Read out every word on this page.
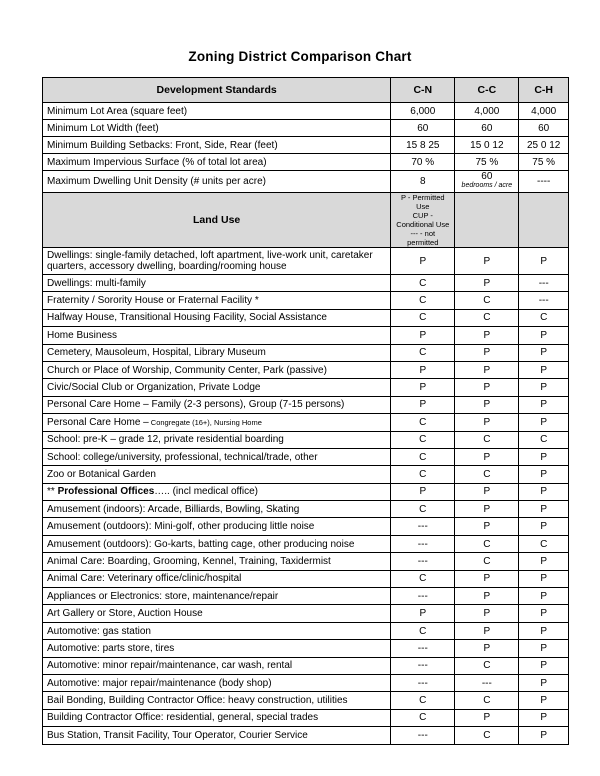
Zoning District Comparison Chart
Development Standards	C-N	C-C	C-H
Minimum Lot Area (square feet)	6,000	4,000	4,000
Minimum Lot Width (feet)	60	60	60
Minimum Building Setbacks: Front, Side, Rear (feet)	15 8 25	15 0 12	25 0 12
Maximum Impervious Surface (% of total lot area)	70 %	75 %	75 %
Maximum Dwelling Unit Density (# units per acre)	8	60 bedrooms / acre	----
Land Use	P - Permitted Use
CUP - Conditional Use
--- - not permitted		

Dwellings: single-family detached, loft apartment, live-work unit, caretaker quarters, accessory dwelling, boarding/rooming house	P	P	P
Dwellings: multi-family	C	P	---
Fraternity / Sorority House or Fraternal Facility *	C	C	---
Halfway House, Transitional Housing Facility, Social Assistance	C	C	C
Home Business	P	P	P
Cemetery, Mausoleum, Hospital, Library Museum	C	P	P
Church or Place of Worship, Community Center, Park (passive)	P	P	P
Civic/Social Club or Organization, Private Lodge	P	P	P
Personal Care Home – Family (2-3 persons), Group (7-15 persons)	P	P	P
Personal Care Home – Congregate (16+), Nursing Home	C	P	P
School: pre-K – grade 12, private residential boarding	C	C	C
School: college/university, professional, technical/trade, other	C	P	P
Zoo or Botanical Garden	C	C	P
** Professional Offices….. (incl medical office)	P	P	P
Amusement (indoors): Arcade, Billiards, Bowling, Skating	C	P	P
Amusement (outdoors): Mini-golf, other producing little noise	---	P	P
Amusement (outdoors): Go-karts, batting cage, other producing noise	---	C	C
Animal Care: Boarding, Grooming, Kennel, Training, Taxidermist	---	C	P
Animal Care: Veterinary office/clinic/hospital	C	P	P
Appliances or Electronics: store, maintenance/repair	---	P	P
Art Gallery or Store, Auction House	P	P	P
Automotive: gas station	C	P	P
Automotive: parts store, tires	---	P	P
Automotive: minor repair/maintenance, car wash, rental	---	C	P
Automotive: major repair/maintenance (body shop)	---	---	P
Bail Bonding, Building Contractor Office: heavy construction, utilities	C	C	P
Building Contractor Office: residential, general, special trades	C	P	P
Bus Station, Transit Facility, Tour Operator, Courier Service	---	C	P
